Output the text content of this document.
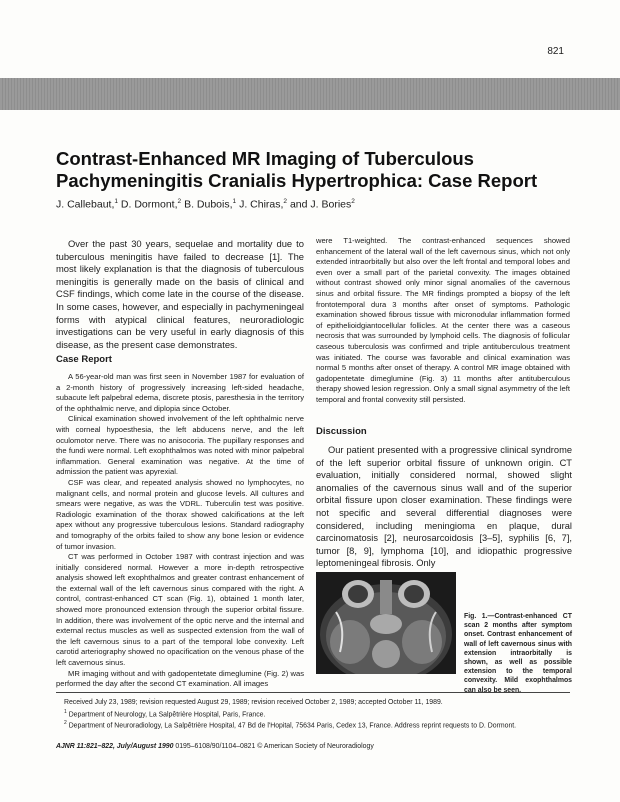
821
Contrast-Enhanced MR Imaging of Tuberculous Pachymeningitis Cranialis Hypertrophica: Case Report
J. Callebaut,$^1$ D. Dormont,$^2$ B. Dubois,$^1$ J. Chiras,$^2$ and J. Bories$^2$
Over the past 30 years, sequelae and mortality due to tuberculous meningitis have failed to decrease [1]. The most likely explanation is that the diagnosis of tuberculous meningitis is generally made on the basis of clinical and CSF findings, which come late in the course of the disease. In some cases, however, and especially in pachymeningeal forms with atypical clinical features, neuroradiologic investigations can be very useful in early diagnosis of this disease, as the present case demonstrates.
Case Report

A 56-year-old man was first seen in November 1987 for evaluation of a 2-month history of progressively increasing left-sided headache, subacute left palpebral edema, discrete ptosis, paresthesia in the territory of the ophthalmic nerve, and diplopia since October.

Clinical examination showed involvement of the left ophthalmic nerve with corneal hypoesthesia, the left abducens nerve, and the left oculomotor nerve. There was no anisocoria. The pupillary responses and the fundi were normal. Left exophthalmos was noted with minor palpebral inflammation. General examination was negative. At the time of admission the patient was apyrexial.

CSF was clear, and repeated analysis showed no lymphocytes, no malignant cells, and normal protein and glucose levels. All cultures and smears were negative, as was the VDRL. Tuberculin test was positive. Radiologic examination of the thorax showed calcifications at the left apex without any progressive tuberculous lesions. Standard radiography and tomography of the orbits failed to show any bone lesion or evidence of tumor invasion.

CT was performed in October 1987 with contrast injection and was initially considered normal. However a more in-depth retrospective analysis showed left exophthalmos and greater contrast enhancement of the external wall of the left cavernous sinus compared with the right. A control, contrast-enhanced CT scan (Fig. 1), obtained 1 month later, showed more pronounced extension through the superior orbital fissure. In addition, there was involvement of the optic nerve and the internal and external rectus muscles as well as suspected extension from the wall of the left cavernous sinus to a part of the temporal lobe convexity. Left carotid arteriography showed no opacification on the venous phase of the left cavernous sinus.

MR imaging without and with gadopentetate dimeglumine (Fig. 2) was performed the day after the second CT examination. All images

were T1-weighted. The contrast-enhanced sequences showed enhancement of the lateral wall of the left cavernous sinus, which not only extended intraorbitally but also over the left frontal and temporal lobes and even over a small part of the parietal convexity. The images obtained without contrast showed only minor signal anomalies of the cavernous sinus and orbital fissure. The MR findings prompted a biopsy of the left frontotemporal dura 3 months after onset of symptoms. Pathologic examination showed fibrous tissue with micronodular inflammation formed of epithelioidgiantocellular follicles. At the center there was a caseous necrosis that was surrounded by lymphoid cells. The diagnosis of follicular caseous tuberculosis was confirmed and triple antituberculous treatment was initiated. The course was favorable and clinical examination was normal 5 months after onset of therapy. A control MR image obtained with gadopentetate dimeglumine (Fig. 3) 11 months after antituberculous therapy showed lesion regression. Only a small signal asymmetry of the left temporal and frontal convexity still persisted.
Discussion
Our patient presented with a progressive clinical syndrome of the left superior orbital fissure of unknown origin. CT evaluation, initially considered normal, showed slight anomalies of the cavernous sinus wall and of the superior orbital fissure upon closer examination. These findings were not specific and several differential diagnoses were considered, including meningioma en plaque, dural carcinomatosis [2], neurosarcoidosis [3–5], syphilis [6, 7], tumor [8, 9], lymphoma [10], and idiopathic progressive leptomeningeal fibrosis. Only
Fig. 1.—Contrast-enhanced CT scan 2 months after symptom onset. Contrast enhancement of wall of left cavernous sinus with extension intraorbitally is shown, as well as possible extension to the temporal convexity. Mild exophthalmos can also be seen.
Received July 23, 1989; revision requested August 29, 1989; revision received October 2, 1989; accepted October 11, 1989.
$^1$ Department of Neurology, La Salpêtrière Hospital, Paris, France.
$^2$ Department of Neuroradiology, La Salpêtrière Hospital, 47 Bd de l'Hopital, 75634 Paris, Cedex 13, France. Address reprint requests to D. Dormont.
AJNR 11:821–822, July/August 1990 0195–6108/90/1104–0821 © American Society of Neuroradiology
